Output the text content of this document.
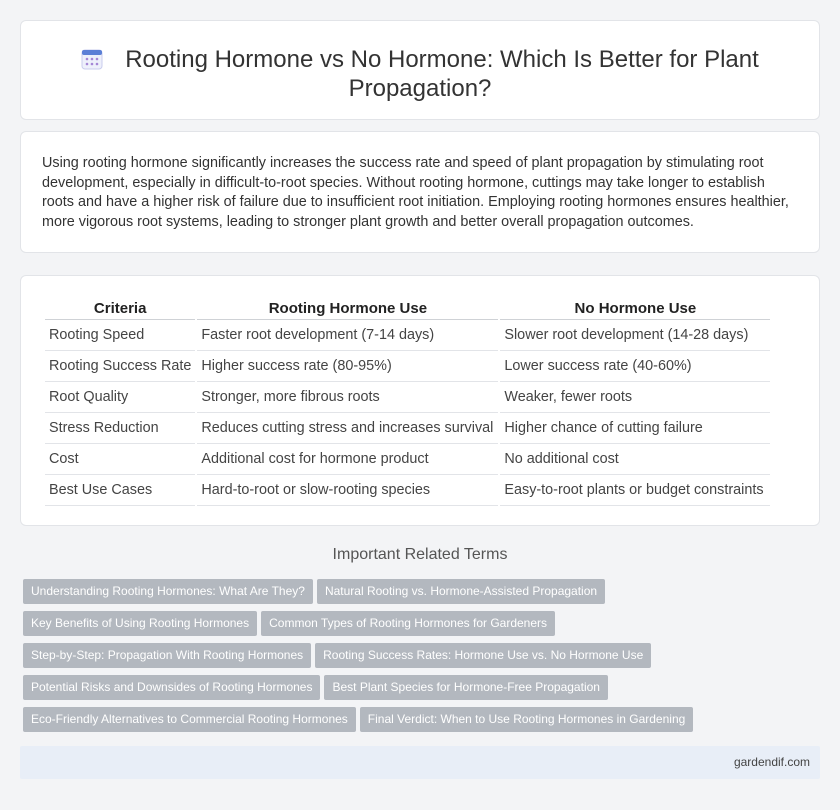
Rooting Hormone vs No Hormone: Which Is Better for Plant Propagation?

Using rooting hormone significantly increases the success rate and speed of plant propagation by stimulating root development, especially in difficult-to-root species. Without rooting hormone, cuttings may take longer to establish roots and have a higher risk of failure due to insufficient root initiation. Employing rooting hormones ensures healthier, more vigorous root systems, leading to stronger plant growth and better overall propagation outcomes.

Criteria	Rooting Hormone Use	No Hormone Use
Rooting Speed	Faster root development (7-14 days)	Slower root development (14-28 days)
Rooting Success Rate	Higher success rate (80-95%)	Lower success rate (40-60%)
Root Quality	Stronger, more fibrous roots	Weaker, fewer roots
Stress Reduction	Reduces cutting stress and increases survival	Higher chance of cutting failure
Cost	Additional cost for hormone product	No additional cost
Best Use Cases	Hard-to-root or slow-rooting species	Easy-to-root plants or budget constraints
Important Related Terms
Understanding Rooting Hormones: What Are They? Natural Rooting vs. Hormone-Assisted Propagation
Key Benefits of Using Rooting Hormones Common Types of Rooting Hormones for Gardeners
Step-by-Step: Propagation With Rooting Hormones Rooting Success Rates: Hormone Use vs. No Hormone Use
Potential Risks and Downsides of Rooting Hormones Best Plant Species for Hormone-Free Propagation
Eco-Friendly Alternatives to Commercial Rooting Hormones Final Verdict: When to Use Rooting Hormones in Gardening
gardendif.com
